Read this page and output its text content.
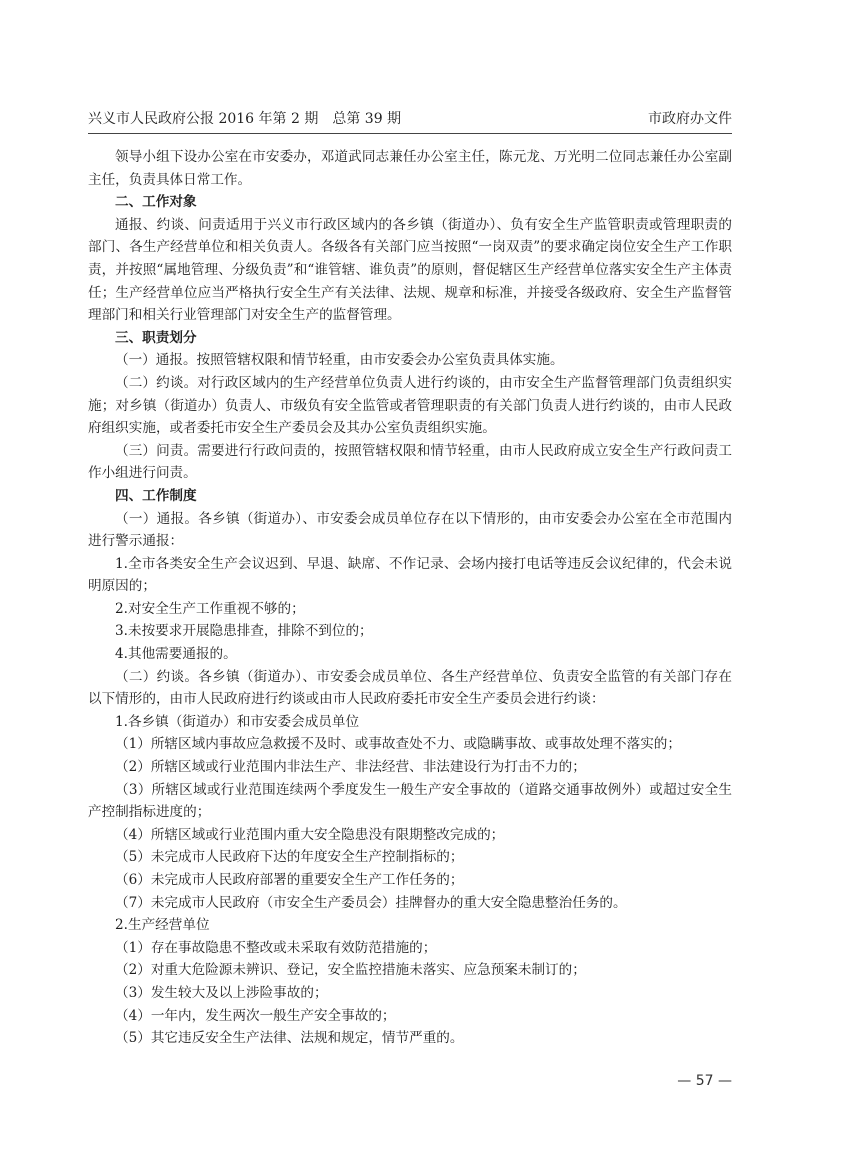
兴义市人民政府公报 2016 年第 2 期　总第 39 期	市政府办文件

领导小组下设办公室在市安委办，邓道武同志兼任办公室主任，陈元龙、万光明二位同志兼任办公室副主任，负责具体日常工作。

二、工作对象

通报、约谈、问责适用于兴义市行政区域内的各乡镇（街道办）、负有安全生产监管职责或管理职责的部门、各生产经营单位和相关负责人。各级各有关部门应当按照“一岗双责”的要求确定岗位安全生产工作职责，并按照“属地管理、分级负责”和“谁管辖、谁负责”的原则，督促辖区生产经营单位落实安全生产主体责任；生产经营单位应当严格执行安全生产有关法律、法规、规章和标准，并接受各级政府、安全生产监督管理部门和相关行业管理部门对安全生产的监督管理。

三、职责划分

（一）通报。按照管辖权限和情节轻重，由市安委会办公室负责具体实施。

（二）约谈。对行政区域内的生产经营单位负责人进行约谈的，由市安全生产监督管理部门负责组织实施；对乡镇（街道办）负责人、市级负有安全监管或者管理职责的有关部门负责人进行约谈的，由市人民政府组织实施，或者委托市安全生产委员会及其办公室负责组织实施。

（三）问责。需要进行行政问责的，按照管辖权限和情节轻重，由市人民政府成立安全生产行政问责工作小组进行问责。

四、工作制度

（一）通报。各乡镇（街道办）、市安委会成员单位存在以下情形的，由市安委会办公室在全市范围内进行警示通报：

1.全市各类安全生产会议迟到、早退、缺席、不作记录、会场内接打电话等违反会议纪律的，代会未说明原因的；

2.对安全生产工作重视不够的；

3.未按要求开展隐患排查，排除不到位的；

4.其他需要通报的。

（二）约谈。各乡镇（街道办）、市安委会成员单位、各生产经营单位、负责安全监管的有关部门存在以下情形的，由市人民政府进行约谈或由市人民政府委托市安全生产委员会进行约谈：

1.各乡镇（街道办）和市安委会成员单位

（1）所辖区域内事故应急救援不及时、或事故查处不力、或隐瞒事故、或事故处理不落实的；

（2）所辖区域或行业范围内非法生产、非法经营、非法建设行为打击不力的；

（3）所辖区域或行业范围连续两个季度发生一般生产安全事故的（道路交通事故例外）或超过安全生产控制指标进度的；

（4）所辖区域或行业范围内重大安全隐患没有限期整改完成的；

（5）未完成市人民政府下达的年度安全生产控制指标的；

（6）未完成市人民政府部署的重要安全生产工作任务的；

（7）未完成市人民政府（市安全生产委员会）挂牌督办的重大安全隐患整治任务的。

2.生产经营单位

（1）存在事故隐患不整改或未采取有效防范措施的；

（2）对重大危险源未辨识、登记，安全监控措施未落实、应急预案未制订的；

（3）发生较大及以上涉险事故的；

（4）一年内，发生两次一般生产安全事故的；

（5）其它违反安全生产法律、法规和规定，情节严重的。

— 57 —
